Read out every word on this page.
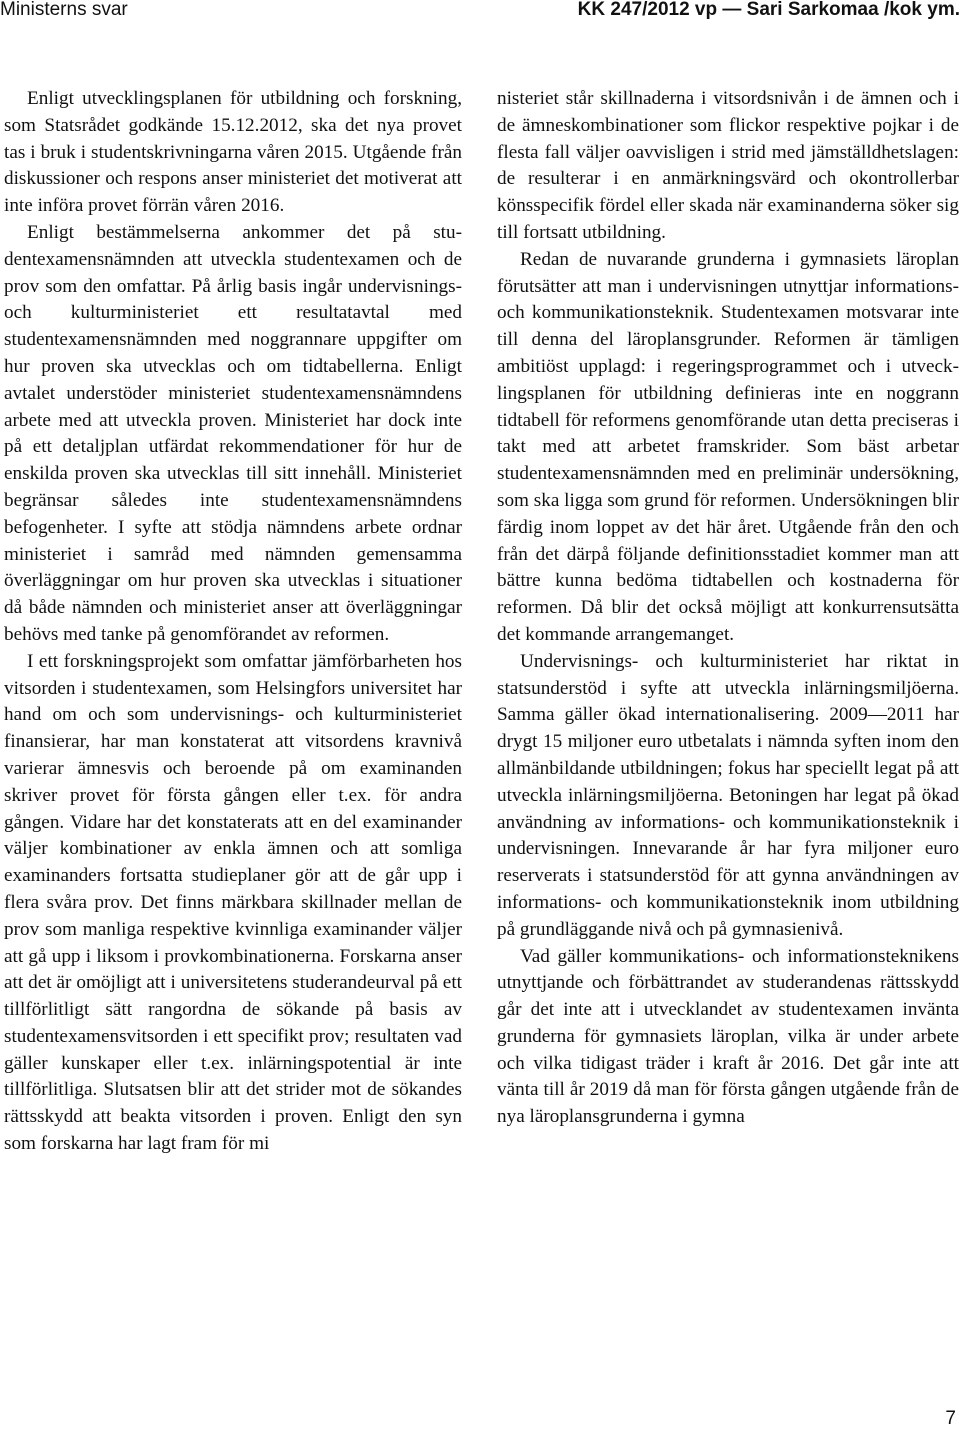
Ministerns svar	KK 247/2012 vp — Sari Sarkomaa /kok ym.

Enligt utvecklingsplanen för utbildning och forskning, som Statsrådet godkände 15.12.2012, ska det nya provet tas i bruk i studentskrivningarna våren 2015. Utgående från diskussioner och respons anser ministeriet det motiverat att inte införa provet förrän våren 2016.

Enligt bestämmelserna ankommer det på studentexamensnämnden att utveckla studentexamen och de prov som den omfattar. På årlig basis ingår undervisnings- och kulturministeriet ett resultatavtal med studentexamensnämnden med noggrannare uppgifter om hur proven ska utvecklas och om tidtabellerna. Enligt avtalet understöder ministeriet studentexamensnämndens arbete med att utveckla proven. Ministeriet har dock inte på ett detaljplan utfärdat rekommendationer för hur de enskilda proven ska utvecklas till sitt innehåll. Ministeriet begränsar således inte studentexamensnämndens befogenheter. I syfte att stödja nämndens arbete ordnar ministeriet i samråd med nämnden gemensamma överläggningar om hur proven ska utvecklas i situationer då både nämnden och ministeriet anser att överläggningar behövs med tanke på genomförandet av reformen.

I ett forskningsprojekt som omfattar jämförbarheten hos vitsorden i studentexamen, som Helsingfors universitet har hand om och som undervisnings- och kulturministeriet finansierar, har man konstaterat att vitsordens kravnivå varierar ämnesvis och beroende på om examinanden skriver provet för första gången eller t.ex. för andra gången. Vidare har det konstaterats att en del examinander väljer kombinationer av enkla ämnen och att somliga examinanders fortsatta studieplaner gör att de går upp i flera svåra prov. Det finns märkbara skillnader mellan de prov som manliga respektive kvinnliga examinander väljer att gå upp i liksom i provkombinationerna. Forskarna anser att det är omöjligt att i universitetens studerandeurval på ett tillförlitligt sätt rangordna de sökande på basis av studentexamensvitsorden i ett specifikt prov; resultaten vad gäller kunskaper eller t.ex. inlärningspotential är inte tillförlitliga. Slutsatsen blir att det strider mot de sökandes rättsskydd att beakta vitsorden i proven. Enligt den syn som forskarna har lagt fram för mi

nisteriet står skillnaderna i vitsordsnivån i de ämnen och i de ämneskombinationer som flickor respektive pojkar i de flesta fall väljer oavvisligen i strid med jämställdhetslagen: de resulterar i en anmärkningsvärd och okontrollerbar könsspecifik fördel eller skada när examinanderna söker sig till fortsatt utbildning.

Redan de nuvarande grunderna i gymnasiets läroplan förutsätter att man i undervisningen utnyttjar informations- och kommunikationsteknik. Studentexamen motsvarar inte till denna del läroplansgrunder. Reformen är tämligen ambitiöst upplagd: i regeringsprogrammet och i utvecklingsplanen för utbildning definieras inte en noggrann tidtabell för reformens genomförande utan detta preciseras i takt med att arbetet framskrider. Som bäst arbetar studentexamensnämnden med en preliminär undersökning, som ska ligga som grund för reformen. Undersökningen blir färdig inom loppet av det här året. Utgående från den och från det därpå följande definitionsstadiet kommer man att bättre kunna bedöma tidtabellen och kostnaderna för reformen. Då blir det också möjligt att konkurrensutsätta det kommande arrangemanget.

Undervisnings- och kulturministeriet har riktat in statsunderstöd i syfte att utveckla inlärningsmiljöerna. Samma gäller ökad internationalisering. 2009—2011 har drygt 15 miljoner euro utbetalats i nämnda syften inom den allmänbildande utbildningen; fokus har speciellt legat på att utveckla inlärningsmiljöerna. Betoningen har legat på ökad användning av informations- och kommunikationsteknik i undervisningen. Innevarande år har fyra miljoner euro reserverats i statsunderstöd för att gynna användningen av informations- och kommunikationsteknik inom utbildning på grundläggande nivå och på gymnasienivå.

Vad gäller kommunikations- och informationsteknikens utnyttjande och förbättrandet av studerandenas rättsskydd går det inte att i utvecklandet av studentexamen invänta grunderna för gymnasiets läroplan, vilka är under arbete och vilka tidigast träder i kraft år 2016. Det går inte att vänta till år 2019 då man för första gången utgående från de nya läroplansgrunderna i gymna

7
